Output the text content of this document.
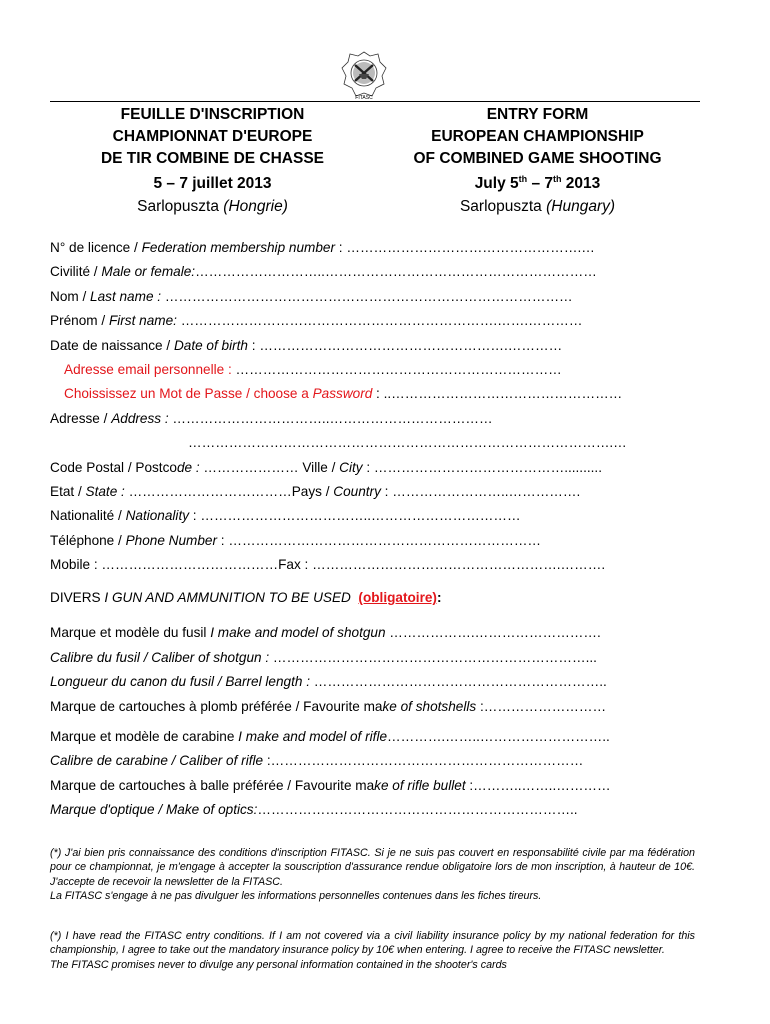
FITASC
FEUILLE D'INSCRIPTION
CHAMPIONNAT D'EUROPE
DE TIR COMBINE DE CHASSE
5 – 7 juillet 2013
Sarlopuszta (Hongrie)
ENTRY FORM
EUROPEAN CHAMPIONSHIP
OF COMBINED GAME SHOOTING
July 5th – 7th 2013
Sarlopuszta (Hungary)
N° de licence / Federation membership number : …………………………………………….…
Civilité / Male or female:………………………..……………………………………………………
Nom / Last name : ………………………………………………………………………………
Prénom / First name: …………………………………………………………….…….…………
Date de naissance / Date of birth : ……………………………………………….…………
Adresse email personnelle : ………………………………………………………………
Choississez un Mot de Passe / choose a Password : ..……………………………………………
Adresse / Address : ……………………………..………………………………
………………………………………………………………………………….…
Code Postal / Postcode : ………………… Ville / City : ……………………………………..........
Etat / State : ………………………………Pays / Country : ……………………..…………….
Nationalité / Nationality : ………………………………..……………………………
Téléphone / Phone Number : ……………………………………………………………
Mobile : …………………………………Fax : ……………………………………………….……….
DIVERS I GUN AND AMMUNITION TO BE USED (obligatoire):
Marque et modèle du fusil I make and model of shotgun ……………….……………………….
Calibre du fusil / Caliber of shotgun : ……………………………………………………………...
Longueur du canon du fusil / Barrel length : ………………………………………………………..
Marque de cartouches à plomb préférée / Favourite make of shotshells :………………………
Marque et modèle de carabine I make and model of rifle………….……..………………………..
Calibre de carabine / Caliber of rifle :……………………………………………………………
Marque de cartouches à balle préférée / Favourite make of rifle bullet :………..……..…………
Marque d'optique / Make of optics:……………………………………………………………..

(*) J'ai bien pris connaissance des conditions d'inscription FITASC. Si je ne suis pas couvert en responsabilité civile par ma fédération pour ce championnat, je m'engage à accepter la souscription d'assurance rendue obligatoire lors de mon inscription, à hauteur de 10€. J'accepte de recevoir la newsletter de la FITASC.

La FITASC s'engage à ne pas divulguer les informations personnelles contenues dans les fiches tireurs.

(*) I have read the FITASC entry conditions. If I am not covered via a civil liability insurance policy by my national federation for this championship, I agree to take out the mandatory insurance policy by 10€ when entering. I agree to receive the FITASC newsletter.

The FITASC promises never to divulge any personal information contained in the shooter's cards
